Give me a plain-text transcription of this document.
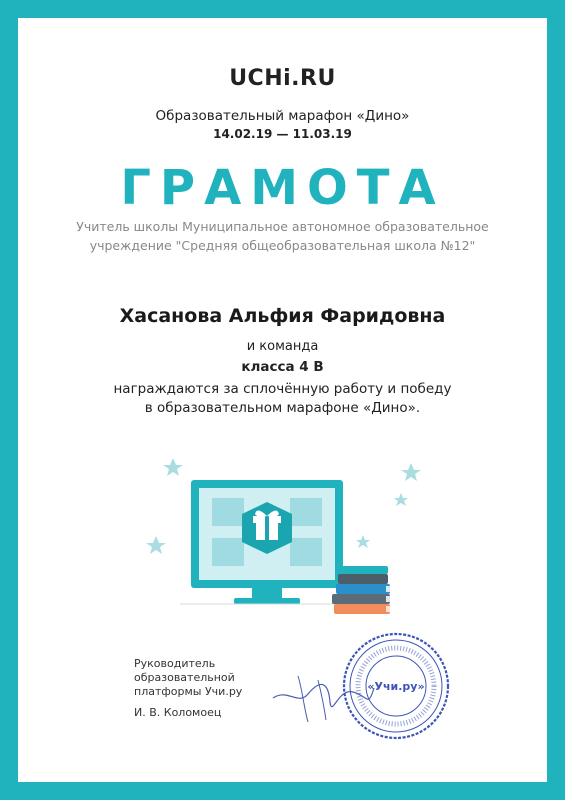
UCHi.RU
Образовательный марафон «Дино»
14.02.19 — 11.03.19
ГРАМОТА
Учитель школы Муниципальное автономное образовательное учреждение "Средняя общеобразовательная школа №12"
Хасанова Альфия Фаридовна
и команда
класса 4 В
награждаются за сплочённую работу и победу
в образовательном марафоне «Дино».
Руководитель
образовательной
платформы Учи.ру
И. В. Коломоец
«Учи.ру»
